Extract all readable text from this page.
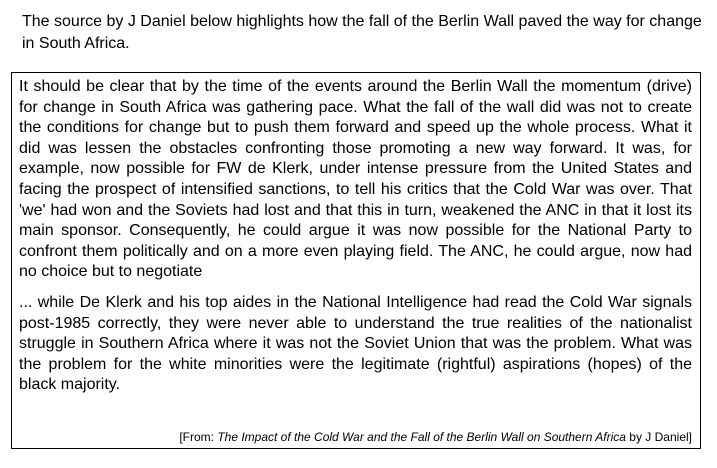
The source by J Daniel below highlights how the fall of the Berlin Wall paved the way for change in South Africa.

It should be clear that by the time of the events around the Berlin Wall the momentum (drive) for change in South Africa was gathering pace. What the fall of the wall did was not to create the conditions for change but to push them forward and speed up the whole process. What it did was lessen the obstacles confronting those promoting a new way forward. It was, for example, now possible for FW de Klerk, under intense pressure from the United States and facing the prospect of intensified sanctions, to tell his critics that the Cold War was over. That 'we' had won and the Soviets had lost and that this in turn, weakened the ANC in that it lost its main sponsor. Consequently, he could argue it was now possible for the National Party to confront them politically and on a more even playing field. The ANC, he could argue, now had no choice but to negotiate

... while De Klerk and his top aides in the National Intelligence had read the Cold War signals post-1985 correctly, they were never able to understand the true realities of the nationalist struggle in Southern Africa where it was not the Soviet Union that was the problem. What was the problem for the white minorities were the legitimate (rightful) aspirations (hopes) of the black majority.

[From: The Impact of the Cold War and the Fall of the Berlin Wall on Southern Africa by J Daniel]
